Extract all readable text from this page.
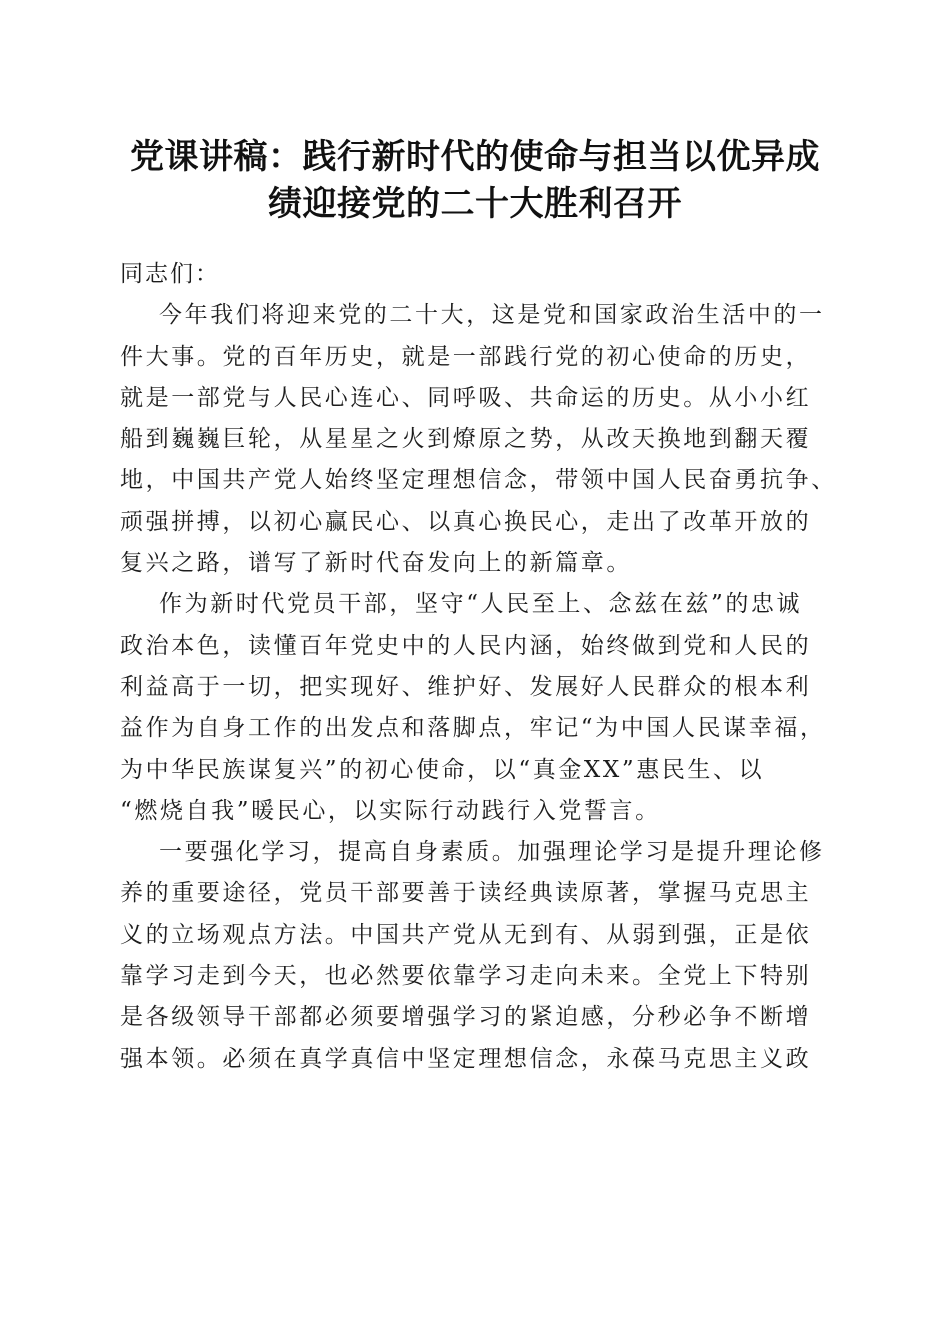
党课讲稿：践行新时代的使命与担当以优异成
绩迎接党的二十大胜利召开
同志们：
今年我们将迎来党的二十大，这是党和国家政治生活中的一
件大事。党的百年历史，就是一部践行党的初心使命的历史，
就是一部党与人民心连心、同呼吸、共命运的历史。从小小红
船到巍巍巨轮，从星星之火到燎原之势，从改天换地到翻天覆
地，中国共产党人始终坚定理想信念，带领中国人民奋勇抗争、
顽强拼搏，以初心赢民心、以真心换民心，走出了改革开放的
复兴之路，谱写了新时代奋发向上的新篇章。
作为新时代党员干部，坚守“人民至上、念兹在兹”的忠诚
政治本色，读懂百年党史中的人民内涵，始终做到党和人民的
利益高于一切，把实现好、维护好、发展好人民群众的根本利
益作为自身工作的出发点和落脚点，牢记“为中国人民谋幸福，
为中华民族谋复兴”的初心使命，以“真金XX”惠民生、以
“燃烧自我”暖民心，以实际行动践行入党誓言。
一要强化学习，提高自身素质。加强理论学习是提升理论修
养的重要途径，党员干部要善于读经典读原著，掌握马克思主
义的立场观点方法。中国共产党从无到有、从弱到强，正是依
靠学习走到今天，也必然要依靠学习走向未来。全党上下特别
是各级领导干部都必须要增强学习的紧迫感，分秒必争不断增
强本领。必须在真学真信中坚定理想信念，永葆马克思主义政
